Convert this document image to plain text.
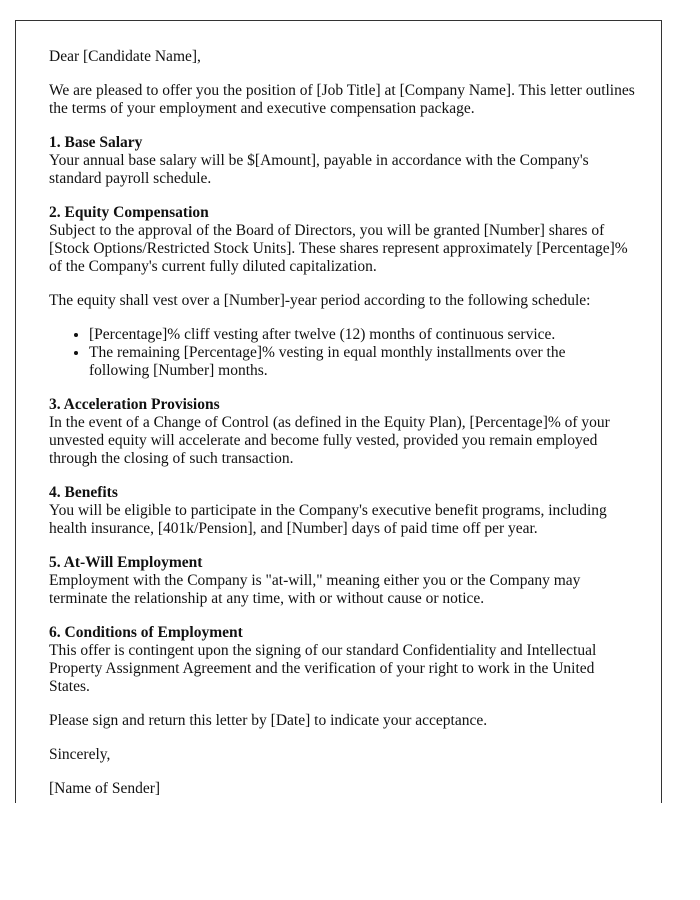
Dear [Candidate Name],

We are pleased to offer you the position of [Job Title] at [Company Name]. This letter outlines the terms of your employment and executive compensation package.

1. Base Salary
Your annual base salary will be $[Amount], payable in accordance with the Company's standard payroll schedule.
2. Equity Compensation
Subject to the approval of the Board of Directors, you will be granted [Number] shares of [Stock Options/Restricted Stock Units]. These shares represent approximately [Percentage]% of the Company's current fully diluted capitalization.

The equity shall vest over a [Number]-year period according to the following schedule:

• [Percentage]% cliff vesting after twelve (12) months of continuous service.
• The remaining [Percentage]% vesting in equal monthly installments over the following [Number] months.
3. Acceleration Provisions
In the event of a Change of Control (as defined in the Equity Plan), [Percentage]% of your unvested equity will accelerate and become fully vested, provided you remain employed through the closing of such transaction.
4. Benefits
You will be eligible to participate in the Company's executive benefit programs, including health insurance, [401k/Pension], and [Number] days of paid time off per year.
5. At-Will Employment
Employment with the Company is "at-will," meaning either you or the Company may terminate the relationship at any time, with or without cause or notice.
6. Conditions of Employment
This offer is contingent upon the signing of our standard Confidentiality and Intellectual Property Assignment Agreement and the verification of your right to work in the United States.

Please sign and return this letter by [Date] to indicate your acceptance.

Sincerely,

[Name of Sender]
